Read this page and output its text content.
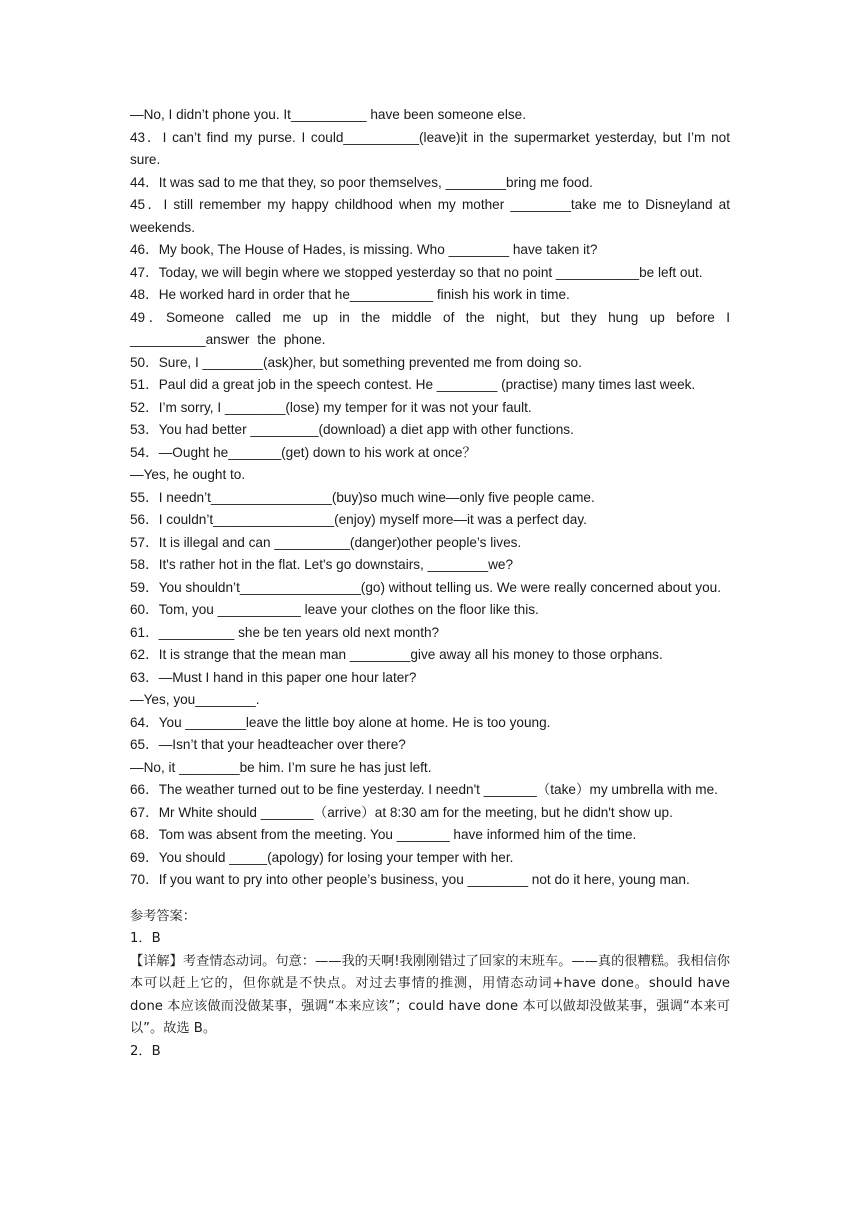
—No, I didn’t phone you. It__________ have been someone else.
43．I can’t find my purse. I could__________(leave)it in the supermarket yesterday, but I’m not sure.
44．It was sad to me that they, so poor themselves, ________bring me food.
45．I still remember my happy childhood when my mother ________take me to Disneyland at weekends.
46．My book, The House of Hades, is missing. Who ________ have taken it?
47．Today, we will begin where we stopped yesterday so that no point ___________be left out.
48．He worked hard in order that he___________ finish his work in time.
49．Someone called me up in the middle of the night, but they hung up before I __________answer the phone.
50．Sure, I ________(ask)her, but something prevented me from doing so.
51．Paul did a great job in the speech contest. He ________ (practise) many times last week.
52．I’m sorry, I ________(lose) my temper for it was not your fault.
53．You had better _________(download) a diet app with other functions.
54．—Ought he_______(get) down to his work at once？
—Yes, he ought to.
55．I needn’t________________(buy)so much wine—only five people came.
56．I couldn’t________________(enjoy) myself more—it was a perfect day.
57．It is illegal and can __________(danger)other people’s lives.
58．It's rather hot in the flat. Let's go downstairs, ________we?
59．You shouldn’t________________(go) without telling us. We were really concerned about you.
60．Tom, you ___________ leave your clothes on the floor like this.
61．__________ she be ten years old next month?
62．It is strange that the mean man ________give away all his money to those orphans.
63．—Must I hand in this paper one hour later?
—Yes, you________.
64．You ________leave the little boy alone at home. He is too young.
65．—Isn’t that your headteacher over there?
—No, it ________be him. I’m sure he has just left.
66．The weather turned out to be fine yesterday. I needn't _______（take）my umbrella with me.
67．Mr White should _______（arrive）at 8:30 am for the meeting, but he didn't show up.
68．Tom was absent from the meeting. You _______ have informed him of the time.
69．You should _____(apology) for losing your temper with her.
70．If you want to pry into other people’s business, you ________ not do it here, young man.
参考答案：
1．B
【详解】考查情态动词。句意：——我的天啊!我刚刚错过了回家的末班车。——真的很糟糕。我相信你本可以赶上它的，但你就是不快点。对过去事情的推测，用情态动词+have done。should have done 本应该做而没做某事，强调“本来应该”；could have done 本可以做却没做某事，强调“本来可以”。故选 B。
2．B
